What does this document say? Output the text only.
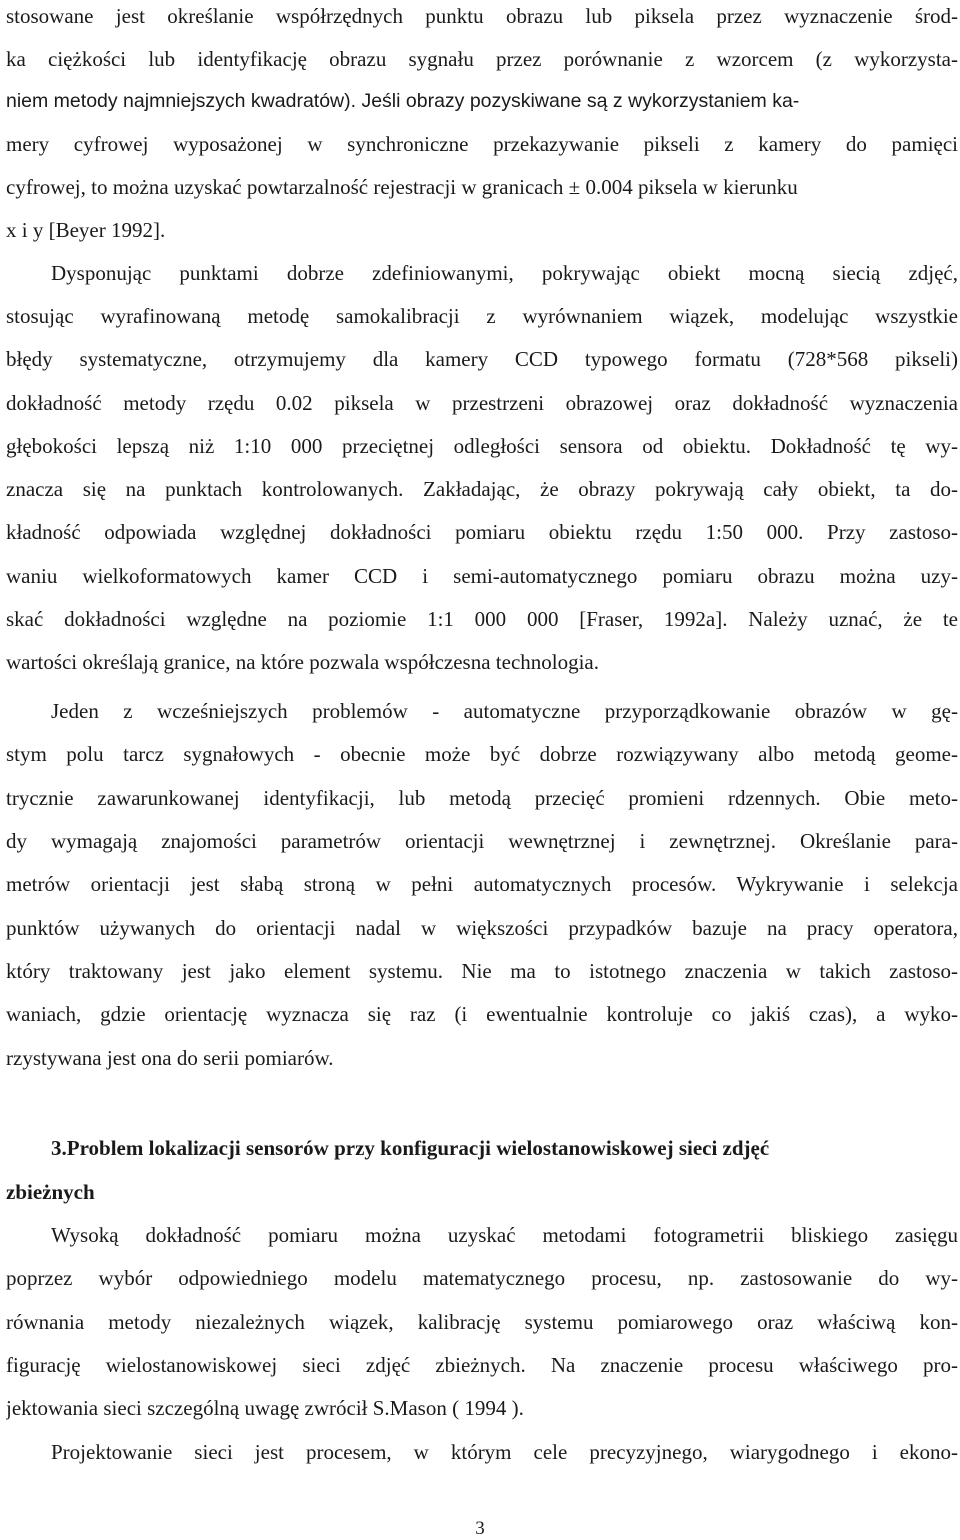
stosowane jest określanie współrzędnych punktu obrazu lub piksela przez wyznaczenie środ-
ka ciężkości lub identyfikację obrazu sygnału przez porównanie z wzorcem (z wykorzysta-
niem metody najmniejszych kwadratów). Jeśli obrazy pozyskiwane są z wykorzystaniem ka-
mery cyfrowej wyposażonej w synchroniczne przekazywanie pikseli z kamery do pamięci
cyfrowej, to można uzyskać powtarzalność rejestracji w granicach ± 0.004 piksela w kierunku
x i y [Beyer 1992].
Dysponując punktami dobrze zdefiniowanymi, pokrywając obiekt mocną siecią zdjęć,
stosując wyrafinowaną metodę samokalibracji z wyrównaniem wiązek, modelując wszystkie
błędy systematyczne, otrzymujemy dla kamery CCD typowego formatu (728*568 pikseli)
dokładność metody rzędu 0.02 piksela w przestrzeni obrazowej oraz dokładność wyznaczenia
głębokości lepszą niż 1:10 000 przeciętnej odległości sensora od obiektu. Dokładność tę wy-
znacza się na punktach kontrolowanych. Zakładając, że obrazy pokrywają cały obiekt, ta do-
kładność odpowiada względnej dokładności pomiaru obiektu rzędu 1:50 000. Przy zastoso-
waniu wielkoformatowych kamer CCD i semi-automatycznego pomiaru obrazu można uzy-
skać dokładności względne na poziomie 1:1 000 000 [Fraser, 1992a]. Należy uznać, że te
wartości określają granice, na które pozwala współczesna technologia.
Jeden z wcześniejszych problemów - automatyczne przyporządkowanie obrazów w gę-
stym polu tarcz sygnałowych - obecnie może być dobrze rozwiązywany albo metodą geome-
trycznie zawarunkowanej identyfikacji, lub metodą przecięć promieni rdzennych. Obie meto-
dy wymagają znajomości parametrów orientacji wewnętrznej i zewnętrznej. Określanie para-
metrów orientacji jest słabą stroną w pełni automatycznych procesów. Wykrywanie i selekcja
punktów używanych do orientacji nadal w większości przypadków bazuje na pracy operatora,
który traktowany jest jako element systemu. Nie ma to istotnego znaczenia w takich zastoso-
waniach, gdzie orientację wyznacza się raz (i ewentualnie kontroluje co jakiś czas), a wyko-
rzystywana jest ona do serii pomiarów.
3.Problem lokalizacji sensorów przy konfiguracji wielostanowiskowej sieci zdjęć
zbieżnych
Wysoką dokładność pomiaru można uzyskać metodami fotogrametrii bliskiego zasięgu
poprzez wybór odpowiedniego modelu matematycznego procesu, np. zastosowanie do wy-
równania metody niezależnych wiązek, kalibrację systemu pomiarowego oraz właściwą kon-
figurację wielostanowiskowej sieci zdjęć zbieżnych. Na znaczenie procesu właściwego pro-
jektowania sieci szczególną uwagę zwrócił S.Mason ( 1994 ).
Projektowanie sieci jest procesem, w którym cele precyzyjnego, wiarygodnego i ekono-
3
